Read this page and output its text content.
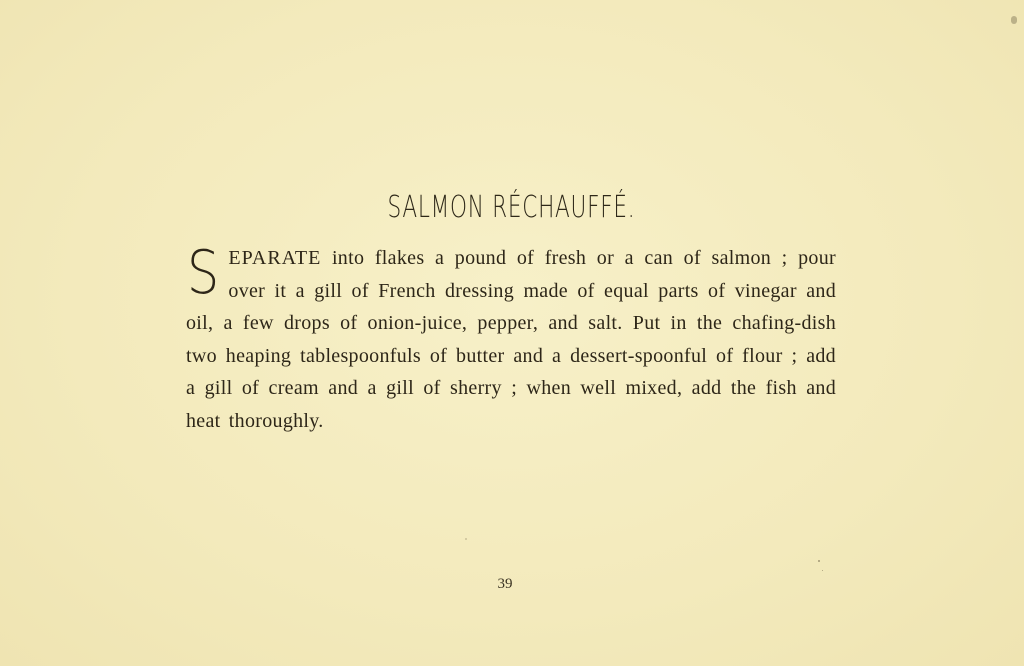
SALMON RÉCHAUFFÉ.
SEPARATE into flakes a pound of fresh or a can of salmon ; pour over it a gill of French dressing made of equal parts of vinegar and oil, a few drops of onion-juice, pepper, and salt. Put in the chafing-dish two heaping tablespoonfuls of butter and a dessert-spoonful of flour ; add a gill of cream and a gill of sherry ; when well mixed, add the fish and heat thoroughly.
39
